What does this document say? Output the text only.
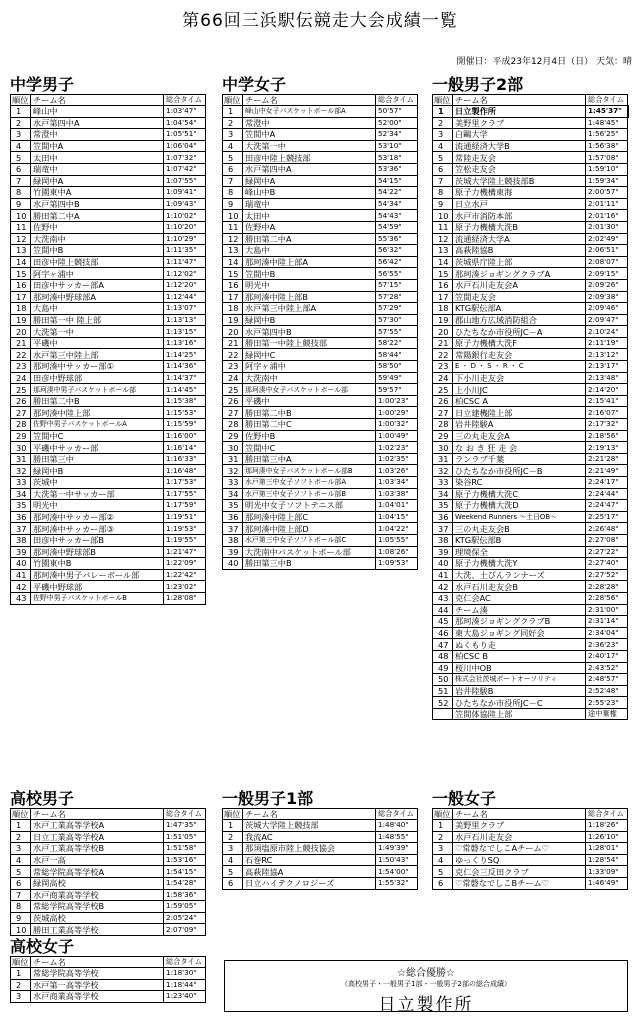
第66回三浜駅伝競走大会成績一覧
開催日：平成23年12月4日（日） 天気：晴
中学男子
順位	チーム名	総合タイム
1	峰山中	1:03'47"
2	水戸第四中A	1:04'54"
3	常澄中	1:05'51"
4	笠間中A	1:06'04"
5	太田中	1:07'32"
6	瑞竜中	1:07'42"
7	緑岡中A	1:07'55"
8	竹園東中A	1:09'41"
9	水戸第四中B	1:09'43"
10	勝田第二中A	1:10'02"
11	佐野中	1:10'20"
12	大洗南中	1:10'29"
13	笠間中B	1:11'35"
14	田彦中陸上競技部	1:11'47"
15	阿字ヶ浦中	1:12'02"
16	田彦中サッカー部A	1:12'20"
17	那珂湊中野球部A	1:12'44"
18	大島中	1:13'07"
19	勝田第一中 陸上部	1:13'13"
20	大洗第一中	1:13'15"
21	平磯中	1:13'16"
22	水戸第三中陸上部	1:14'25"
23	那珂湊中サッカー部①	1:14'36"
24	田彦中野球部	1:14'37"
25	那珂湊中男子バスケットボール部	1:14'45"
26	勝田第二中B	1:15'38"
27	那珂湊中陸上部	1:15'53"
28	佐野中男子バスケットボールA	1:15'59"
29	笠間中C	1:16'00"
30	平磯中サッカー部	1:16'14"
31	勝田第三中	1:16'33"
32	緑岡中B	1:16'48"
33	茨城中	1:17'53"
34	大洗第一中サッカー部	1:17'55"
35	明光中	1:17'59"
36	那珂湊中サッカー部②	1:19'51"
37	那珂湊中サッカー部③	1:19'53"
38	田彦中サッカー部B	1:19'55"
39	那珂湊中野球部B	1:21'47"
40	竹園東中B	1:22'09"
41	那珂湊中男子バレーボール部	1:22'42"
42	平磯中野球部	1:23'02"
43	佐野中男子バスケットボールB	1:28'08"
中学女子
順位	チーム名	総合タイム
1	峰山中女子バスケットボール部A	50'57"
2	常澄中	52'00"
3	笠間中A	52'34"
4	大洗第一中	53'10"
5	田彦中陸上競技部	53'18"
6	水戸第四中A	53'36"
7	緑岡中A	54'15"
8	峰山中B	54'22"
9	瑞竜中	54'34"
10	太田中	54'43"
11	佐野中A	54'59"
12	勝田第二中A	55'36"
13	大島中	56'32"
14	那珂湊中陸上部A	56'42"
15	笠間中B	56'55"
16	明光中	57'15"
17	那珂湊中陸上部B	57'28"
18	水戸第三中陸上部A	57'29"
19	緑岡中B	57'30"
20	水戸第四中B	57'55"
21	勝田第一中陸上競技部	58'22"
22	緑岡中C	58'44"
23	阿字ヶ浦中	58'50"
24	大洗南中	59'49"
25	那珂湊中女子バスケットボール部	59'57"
26	平磯中	1:00'23"
27	勝田第二中B	1:00'29"
28	勝田第二中C	1:00'32"
29	佐野中B	1:00'49"
30	笠間中C	1:02'23"
31	勝田第三中A	1:02'35"
32	那珂湊中女子バスケットボール部B	1:03'26"
33	水戸第三中女子ソフトボール部A	1:03'34"
34	水戸第三中女子ソフトボール部B	1:03'38"
35	明光中女子ソフトテニス部	1:04'01"
36	那珂湊中陸上部C	1:04'15"
37	那珂湊中陸上部D	1:04'22"
38	水戸第三中女子ソフトボール部C	1:05'55"
39	大洗南中バスケットボール部	1:08'26"
40	勝田第三中B	1:09'53"
一般男子2部
順位	チーム名	総合タイム
1	日立製作所	1:45'37"
2	美野里クラブ	1:48'45"
3	白鷗大学	1:56'25"
4	流通経済大学B	1:56'38"
5	常陸走友会	1:57'08"
6	笠松走友会	1:59'10"
7	茨城大学陸上競技部B	1:59'34"
8	原子力機構東海	2:00'57"
9	日立水戸	2:01'11"
10	水戸市消防本部	2:01'16"
11	原子力機構大洗B	2:01'30"
12	流通経済大学A	2:02'49"
13	高萩陸協B	2:06'51"
14	茨城県庁陸上部	2:08'07"
15	那珂湊ジョギングクラブA	2:09'15"
16	水戸石川走友会A	2:09'26"
17	笠間走友会	2:09'38"
18	KTG駅伝部A	2:09'46"
19	郡山地方広域消防組合	2:09'47"
20	ひたちなか市役所JC－A	2:10'24"
21	原子力機構大洗F	2:11'19"
22	常陽銀行走友会	2:13'12"
23	E ・ D ・ S ・ R ・ C	2:13'17"
24	下小川走友会	2:13'48"
25	上小川JC	2:14'20"
26	柏CSC A	2:15'41"
27	日立建機陸上部	2:16'07"
28	岩井陸駿A	2:17'32"
29	三の丸走友会A	2:18'56"
30	な お き 狂 走 会	2:19'13"
31	ランラブ千葉	2:21'28"
32	ひたちなか市役所JC－B	2:21'49"
33	染谷RC	2:24'17"
34	原子力機構大洗C	2:24'44"
35	原子力機構大洗D	2:24'47"
36	Weekend Runners ～土日OB～	2:25'17"
37	三の丸走友会B	2:26'48"
38	KTG駅伝部B	2:27'08"
39	理境保全	2:27'22"
40	原子力機構大洗Y	2:27'40"
41	大洗、土びんランナーズ	2:27'52"
42	水戸石川走友会B	2:28'28"
43	克仁会AC	2:28'56"
44	チーム湊	2:31'00"
45	那珂湊ジョギングクラブB	2:31'14"
46	東大島ジョギング同好会	2:34'04"
47	ぬくもり走	2:36'23"
48	柏CSC B	2:40'17"
49	桜川中OB	2:43'52"
50	株式会社茨城ポートオーソリティ	2:48'57"
51	岩井陸駿B	2:52'48"
52	ひたちなか市役所JC－C	2:55'23"
	笠間体協陸上部	途中棄権
高校男子
順位	チーム名	総合タイム
1	水戸工業高等学校A	1:47'35"
2	日立工業高等学校A	1:51'05"
3	水戸工業高等学校B	1:51'58"
4	水戸一高	1:53'16"
5	常総学院高等学校A	1:54'15"
6	緑岡高校	1:54'28"
7	水戸商業高等学校	1:58'36"
8	常総学院高等学校B	1:59'05"
9	茨城高校	2:05'24"
10	勝田工業高等学校	2:07'09"
一般男子1部
順位	チーム名	総合タイム
1	茨城大学陸上競技部	1:48'40"
2	我流AC	1:48'55"
3	那須塩原市陸上競技協会	1:49'39"
4	石巻RC	1:50'43"
5	高萩陸協A	1:54'00"
6	日立ハイテクノロジーズ	1:55'32"
一般女子
順位	チーム名	総合タイム
1	美野里クラブ	1:18'26"
2	水戸石川走友会	1:26'10"
3	♡常磐なでしこAチーム♡	1:28'01"
4	ゆっくりSQ	1:28'54"
5	克仁会三反田クラブ	1:33'09"
6	♡常磐なでしこBチーム♡	1:46'49"
高校女子
順位	チーム名	総合タイム
1	常総学院高等学校	1:18'30"
2	水戸第一高等学校	1:18'44"
3	水戸商業高等学校	1:23'40"
☆総合優勝☆
（高校男子・一般男子1部・一般男子2部の総合成績）
日立製作所
